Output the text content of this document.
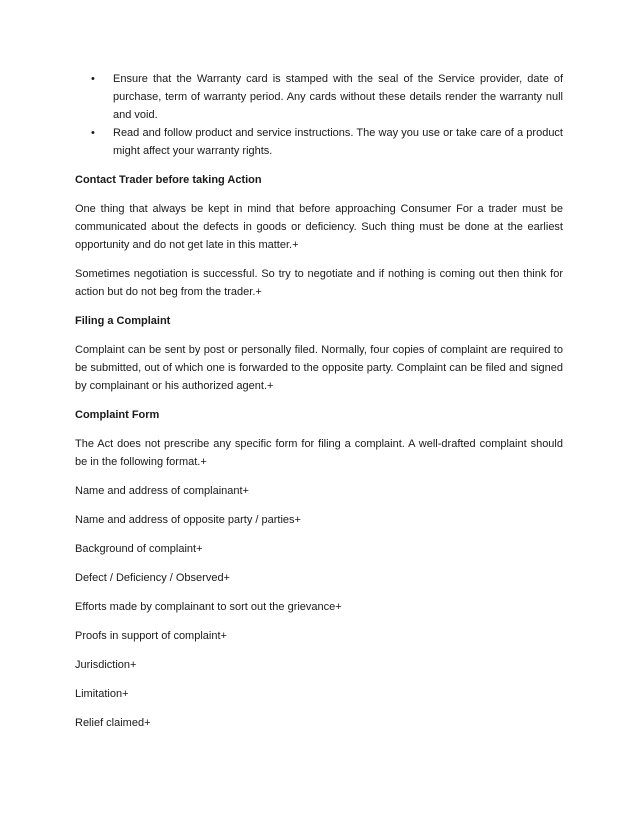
• Ensure that the Warranty card is stamped with the seal of the Service provider, date of purchase, term of warranty period. Any cards without these details render the warranty null and void.
• Read and follow product and service instructions. The way you use or take care of a product might affect your warranty rights.
Contact Trader before taking Action

One thing that always be kept in mind that before approaching Consumer For a trader must be communicated about the defects in goods or deficiency. Such thing must be done at the earliest opportunity and do not get late in this matter.+

Sometimes negotiation is successful. So try to negotiate and if nothing is coming out then think for action but do not beg from the trader.+

Filing a Complaint

Complaint can be sent by post or personally filed. Normally, four copies of complaint are required to be submitted, out of which one is forwarded to the opposite party. Complaint can be filed and signed by complainant or his authorized agent.+

Complaint Form

The Act does not prescribe any specific form for filing a complaint. A well-drafted complaint should be in the following format.+

Name and address of complainant+

Name and address of opposite party / parties+

Background of complaint+

Defect / Deficiency / Observed+

Efforts made by complainant to sort out the grievance+

Proofs in support of complaint+

Jurisdiction+

Limitation+

Relief claimed+
